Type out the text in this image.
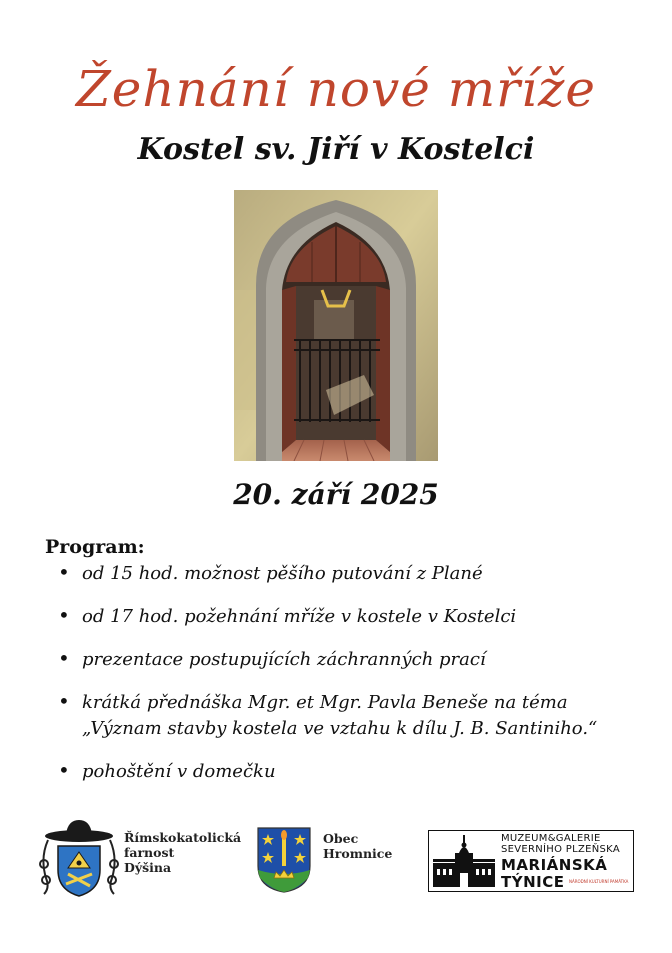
Žehnání nové mříže
Kostel sv. Jiří v Kostelci
20. září 2025
Program:
• od 15 hod. možnost pěšího putování z Plané
• od 17 hod. požehnání mříže v kostele v Kostelci
• prezentace postupujících záchranných prací
• krátká přednáška Mgr. et Mgr. Pavla Beneše na téma
„Význam stavby kostela ve vztahu k dílu J. B. Santiniho.“
• pohoštění v domečku
Římskokatolická
farnost
Dýšina
Obec
Hromnice
MUZEUM&GALERIE
SEVERNÍHO PLZEŇSKA
MARIÁNSKÁ
TÝNICE NÁRODNÍ KULTURNÍ PAMÁTKA
